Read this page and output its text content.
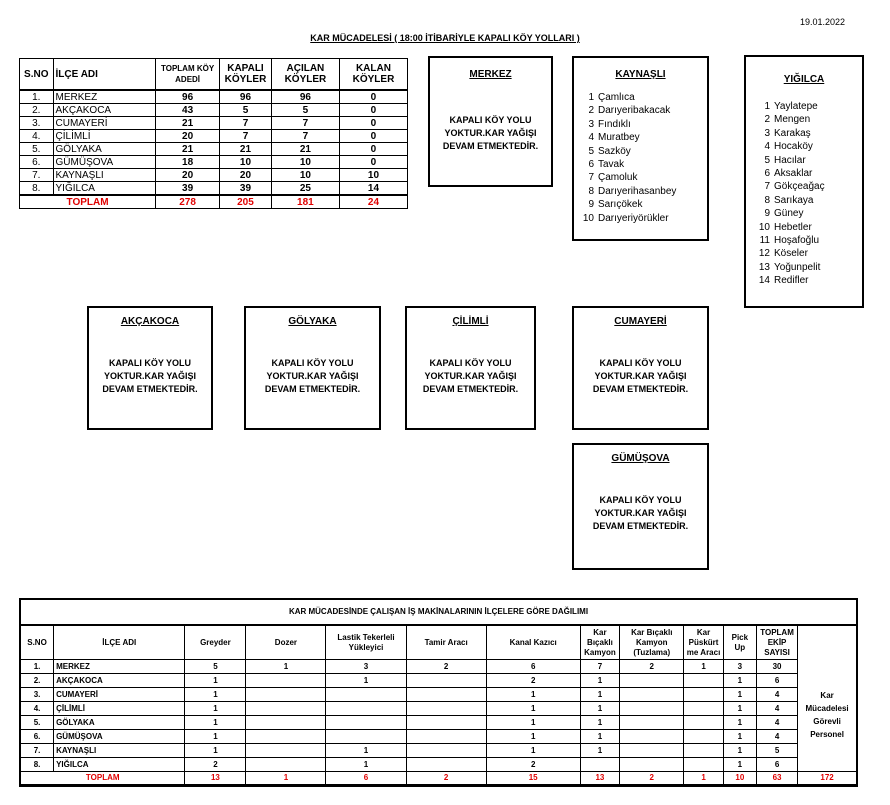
19.01.2022
KAR MÜCADELESİ ( 18:00 İTİBARİYLE KAPALI KÖY YOLLARI )
S.NO	İLÇE ADI	TOPLAM KÖY ADEDİ	KAPALI KÖYLER	AÇILAN KÖYLER	KALAN KÖYLER
1.	MERKEZ	96	96	96	0
2.	AKÇAKOCA	43	5	5	0
3.	CUMAYERİ	21	7	7	0
4.	ÇİLİMLİ	20	7	7	0
5.	GÖLYAKA	21	21	21	0
6.	GÜMÜŞOVA	18	10	10	0
7.	KAYNAŞLI	20	20	10	10
8.	YIĞILCA	39	39	25	14
TOPLAM		278	205	181	24
MERKEZ
KAPALI KÖY YOLU YOKTUR.KAR YAĞIŞI DEVAM ETMEKTEDİR.
KAYNAŞLI
1 Çamlıca
2 Darıyeribakacak
3 Fındıklı
4 Muratbey
5 Sazköy
6 Tavak
7 Çamoluk
8 Darıyerihasanbey
9 Sarıçökek
10 Darıyeriyörükler
YIĞILCA
1 Yaylatepe
2 Mengen
3 Karakaş
4 Hocaköy
5 Hacılar
6 Aksaklar
7 Gökçeağaç
8 Sarıkaya
9 Güney
10 Hebetler
11 Hoşafoğlu
12 Köseler
13 Yoğunpelit
14 Redifler
AKÇAKOCA
KAPALI KÖY YOLU YOKTUR.KAR YAĞIŞI DEVAM ETMEKTEDİR.
GÖLYAKA
KAPALI KÖY YOLU YOKTUR.KAR YAĞIŞI DEVAM ETMEKTEDİR.
ÇİLİMLİ
KAPALI KÖY YOLU YOKTUR.KAR YAĞIŞI DEVAM ETMEKTEDİR.
CUMAYERİ
KAPALI KÖY YOLU YOKTUR.KAR YAĞIŞI DEVAM ETMEKTEDİR.
GÜMÜŞOVA
KAPALI KÖY YOLU YOKTUR.KAR YAĞIŞI DEVAM ETMEKTEDİR.
KAR MÜCADESİNDE ÇALIŞAN İŞ MAKİNALARININ İLÇELERE GÖRE DAĞILIMI
S.NO	İLÇE ADI	Greyder	Dozer	Lastik Tekerleli Yükleyici	Tamir Aracı	Kanal Kazıcı	Kar Bıçaklı Kamyon	Kar Bıçaklı Kamyon (Tuzlama)	Kar Püskürt me Aracı	Pick Up	TOPLAM EKİP SAYISI	
1.	MERKEZ	5	1	3	2	6	7	2	1	3	30	Kar Mücadelesi Görevli Personel
2.	AKÇAKOCA	1		1		2	1			1	6	
3.	CUMAYERİ	1				1	1			1	4	
4.	ÇİLİMLİ	1				1	1			1	4	
5.	GÖLYAKA	1				1	1			1	4	
6.	GÜMÜŞOVA	1				1	1			1	4	
7.	KAYNAŞLI	1		1		1	1			1	5	
8.	YIĞILCA	2		1		2				1	6	
TOPLAM		13	1	6	2	15	13	2	1	10	63	172
